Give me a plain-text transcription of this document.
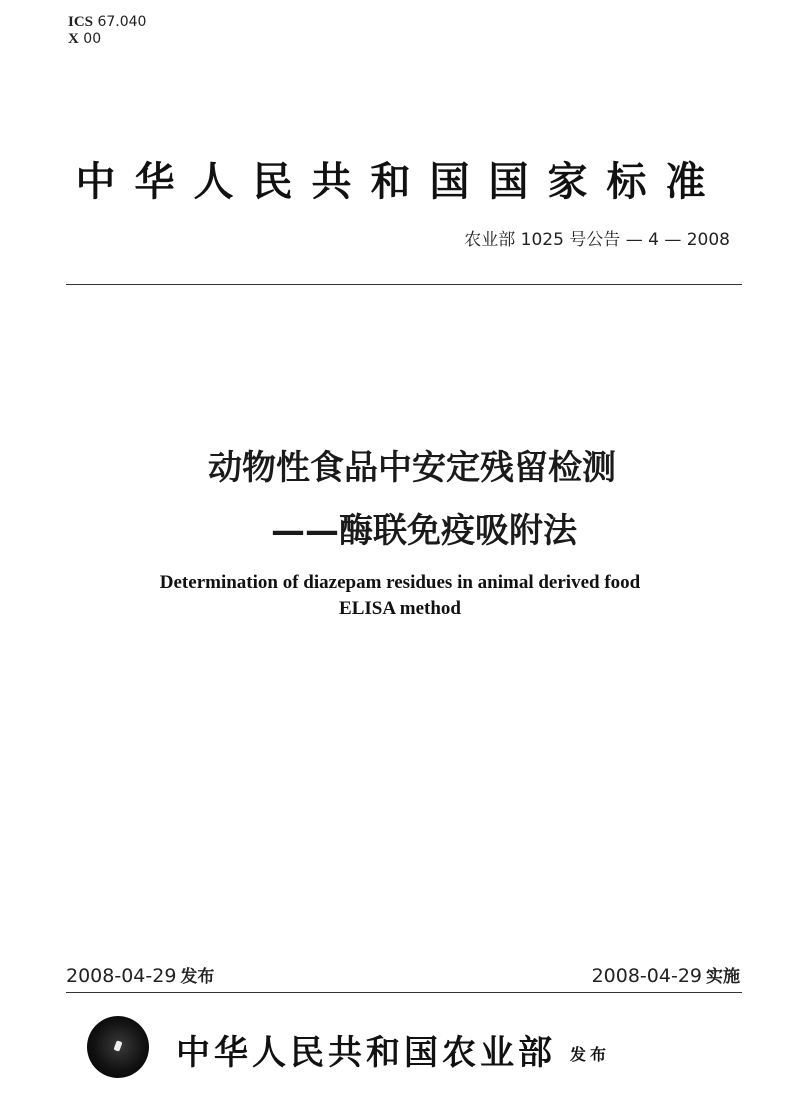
ICS 67.040
X 00
中华人民共和国国家标准
农业部 1025 号公告 — 4 — 2008
动物性食品中安定残留检测
——酶联免疫吸附法
Determination of diazepam residues in animal derived food
ELISA method
2008-04-29 发布	2008-04-29 实施
中华人民共和国农业部 发布
